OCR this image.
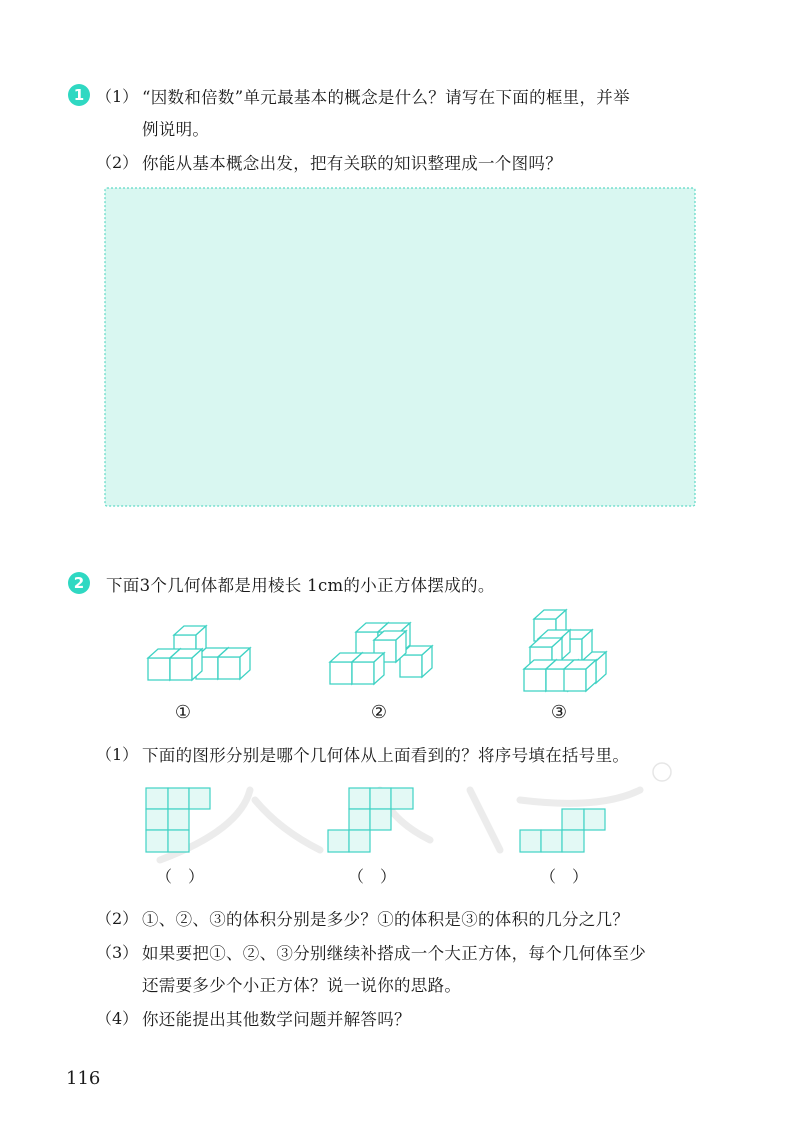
1 （1） “因数和倍数”单元最基本的概念是什么？请写在下面的框里，并举
例说明。
（2） 你能从基本概念出发，把有关联的知识整理成一个图吗？
2	下面3个几何体都是用棱长 1cm的小正方体摆成的。
①	②	③
（1） 下面的图形分别是哪个几何体从上面看到的？将序号填在括号里。
（　）	（　）	（　）
（2） ①、②、③的体积分别是多少？①的体积是③的体积的几分之几？
（3） 如果要把①、②、③分别继续补搭成一个大正方体，每个几何体至少
还需要多少个小正方体？说一说你的思路。
（4） 你还能提出其他数学问题并解答吗？
116
